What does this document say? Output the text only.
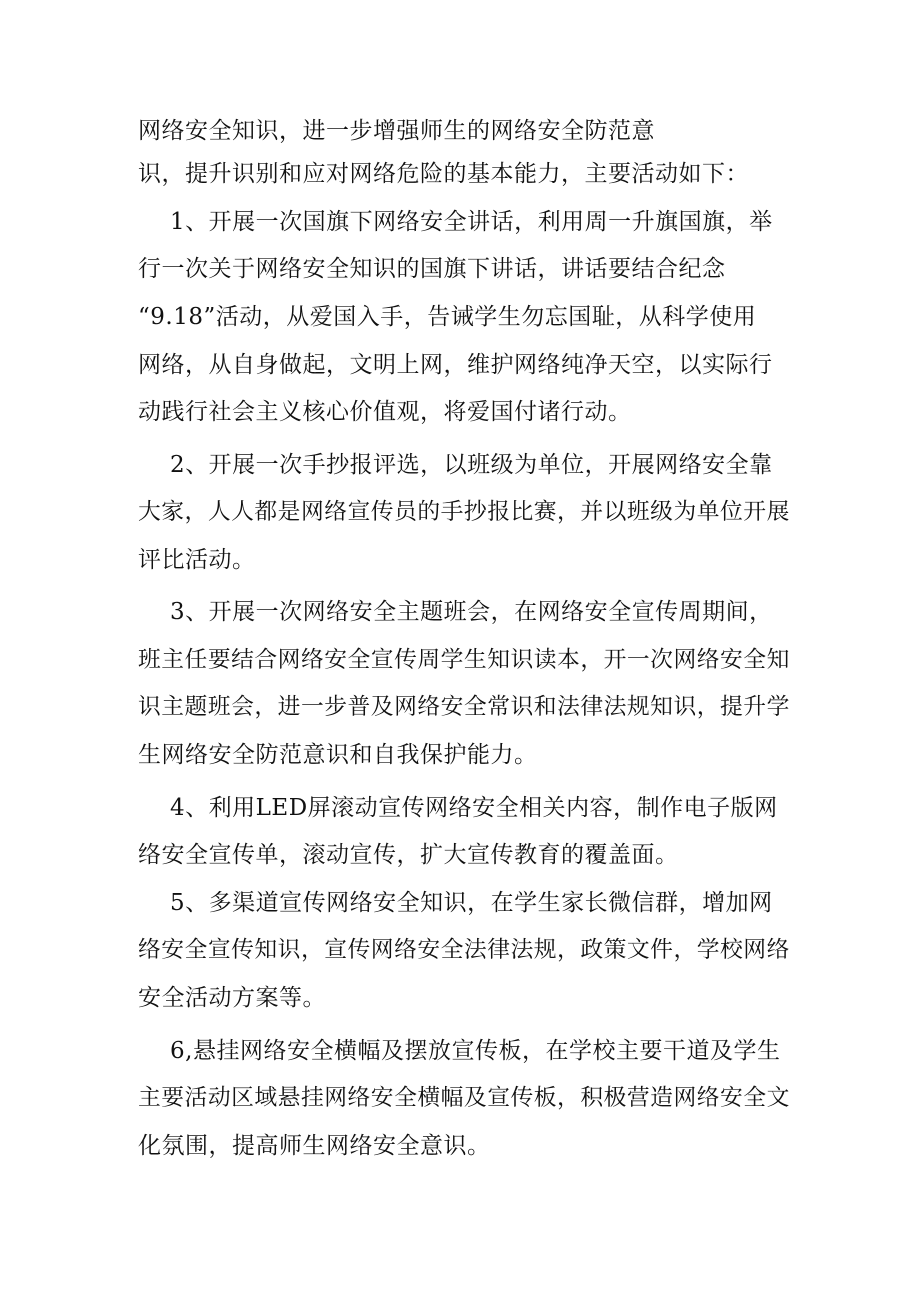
网络安全知识，进一步增强师生的网络安全防范意
识，提升识别和应对网络危险的基本能力，主要活动如下：
1、开展一次国旗下网络安全讲话，利用周一升旗国旗，举
行一次关于网络安全知识的国旗下讲话，讲话要结合纪念
“9.18”活动，从爱国入手，告诫学生勿忘国耻，从科学使用
网络，从自身做起，文明上网，维护网络纯净天空，以实际行
动践行社会主义核心价值观，将爱国付诸行动。
2、开展一次手抄报评选，以班级为单位，开展网络安全靠
大家，人人都是网络宣传员的手抄报比赛，并以班级为单位开展
评比活动。
3、开展一次网络安全主题班会，在网络安全宣传周期间，
班主任要结合网络安全宣传周学生知识读本，开一次网络安全知
识主题班会，进一步普及网络安全常识和法律法规知识，提升学
生网络安全防范意识和自我保护能力。
4、利用LED屏滚动宣传网络安全相关内容，制作电子版网
络安全宣传单，滚动宣传，扩大宣传教育的覆盖面。
5、多渠道宣传网络安全知识，在学生家长微信群，增加网
络安全宣传知识，宣传网络安全法律法规，政策文件，学校网络
安全活动方案等。
6,悬挂网络安全横幅及摆放宣传板，在学校主要干道及学生
主要活动区域悬挂网络安全横幅及宣传板，积极营造网络安全文
化氛围，提高师生网络安全意识。
